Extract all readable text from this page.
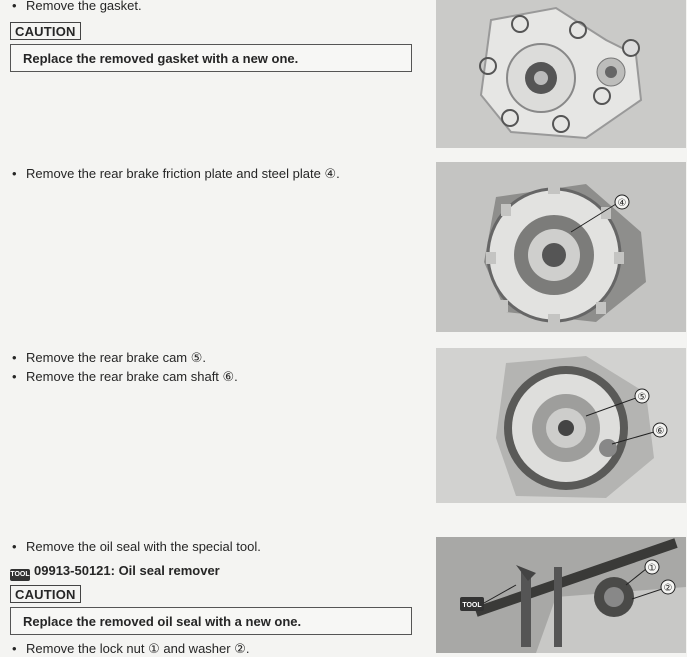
• Remove the gasket.
CAUTION
Replace the removed gasket with a new one.
• Remove the rear brake friction plate and steel plate ④.
④
• Remove the rear brake cam ⑤.
• Remove the rear brake cam shaft ⑥.
⑤
⑥
• Remove the oil seal with the special tool.
TOOL 09913-50121: Oil seal remover
CAUTION
Replace the removed oil seal with a new one.
• Remove the lock nut ① and washer ②.
TOOL
①
②
